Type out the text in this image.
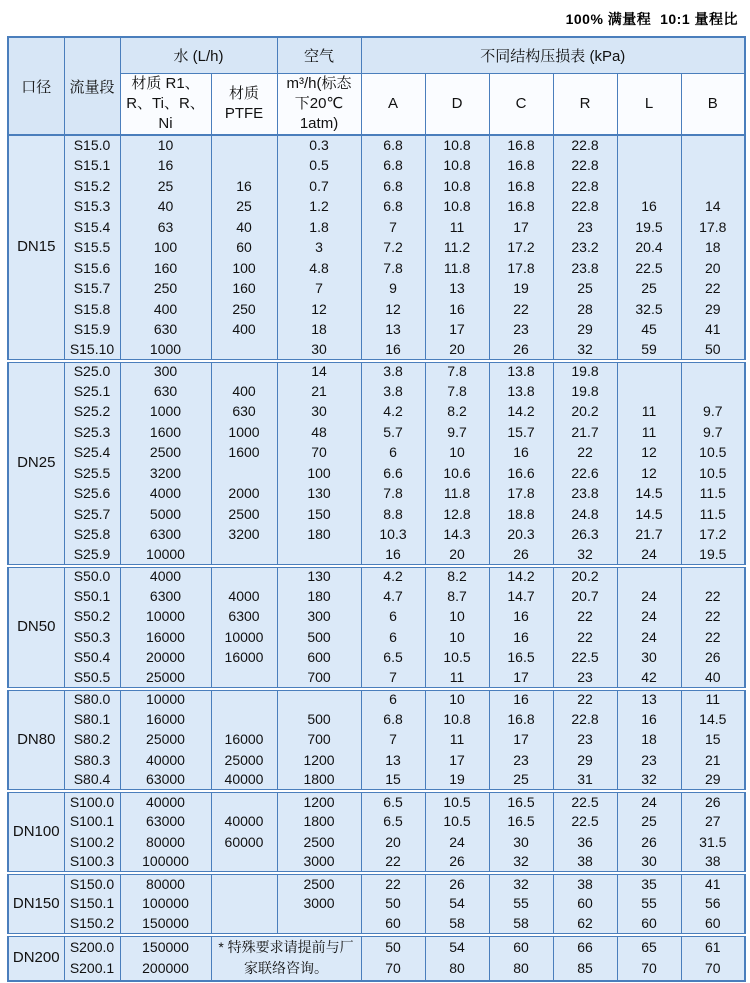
100% 满量程  10:1 量程比
口径	流量段	水 (L/h)		空气	不同结构压损表 (kPa)					
		材质 R1、R、Ti、R、Ni	材质 PTFE	m³/h(标态下20℃ 1atm)	A	D	C	R	L	B
DN15	S15.0	10		0.3	6.8	10.8	16.8	22.8		
	S15.1	16		0.5	6.8	10.8	16.8	22.8		
	S15.2	25	16	0.7	6.8	10.8	16.8	22.8		
	S15.3	40	25	1.2	6.8	10.8	16.8	22.8	16	14
	S15.4	63	40	1.8	7	11	17	23	19.5	17.8
	S15.5	100	60	3	7.2	11.2	17.2	23.2	20.4	18
	S15.6	160	100	4.8	7.8	11.8	17.8	23.8	22.5	20
	S15.7	250	160	7	9	13	19	25	25	22
	S15.8	400	250	12	12	16	22	28	32.5	29
	S15.9	630	400	18	13	17	23	29	45	41
	S15.10	1000		30	16	20	26	32	59	50
DN25	S25.0	300		14	3.8	7.8	13.8	19.8		
	S25.1	630	400	21	3.8	7.8	13.8	19.8		
	S25.2	1000	630	30	4.2	8.2	14.2	20.2	11	9.7
	S25.3	1600	1000	48	5.7	9.7	15.7	21.7	11	9.7
	S25.4	2500	1600	70	6	10	16	22	12	10.5
	S25.5	3200		100	6.6	10.6	16.6	22.6	12	10.5
	S25.6	4000	2000	130	7.8	11.8	17.8	23.8	14.5	11.5
	S25.7	5000	2500	150	8.8	12.8	18.8	24.8	14.5	11.5
	S25.8	6300	3200	180	10.3	14.3	20.3	26.3	21.7	17.2
	S25.9	10000			16	20	26	32	24	19.5
DN50	S50.0	4000		130	4.2	8.2	14.2	20.2		
	S50.1	6300	4000	180	4.7	8.7	14.7	20.7	24	22
	S50.2	10000	6300	300	6	10	16	22	24	22
	S50.3	16000	10000	500	6	10	16	22	24	22
	S50.4	20000	16000	600	6.5	10.5	16.5	22.5	30	26
	S50.5	25000		700	7	11	17	23	42	40
DN80	S80.0	10000			6	10	16	22	13	11
	S80.1	16000		500	6.8	10.8	16.8	22.8	16	14.5
	S80.2	25000	16000	700	7	11	17	23	18	15
	S80.3	40000	25000	1200	13	17	23	29	23	21
	S80.4	63000	40000	1800	15	19	25	31	32	29
DN100	S100.0	40000		1200	6.5	10.5	16.5	22.5	24	26
	S100.1	63000	40000	1800	6.5	10.5	16.5	22.5	25	27
	S100.2	80000	60000	2500	20	24	30	36	26	31.5
	S100.3	100000		3000	22	26	32	38	30	38
DN150	S150.0	80000		2500	22	26	32	38	35	41
	S150.1	100000		3000	50	54	55	60	55	56
	S150.2	150000			60	58	58	62	60	60
DN200	S200.0	150000	* 特殊要求请提前与厂家联络咨询。		50	54	60	66	65	61
	S200.1	200000			70	80	80	85	70	70
